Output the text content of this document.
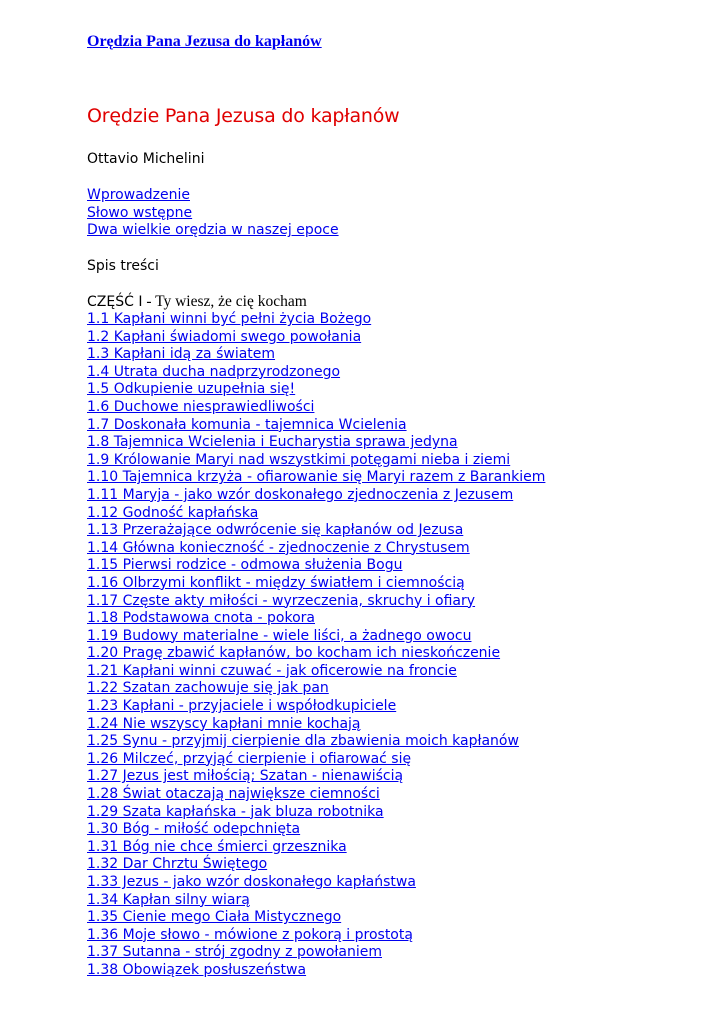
Orędzia Pana Jezusa do kapłanów
Orędzie Pana Jezusa do kapłanów
Ottavio Michelini
Wprowadzenie
Słowo wstępne
Dwa wielkie orędzia w naszej epoce
Spis treści
CZĘŚĆ I - Ty wiesz, że cię kocham
1.1 Kapłani winni być pełni życia Bożego
1.2 Kapłani świadomi swego powołania
1.3 Kapłani idą za światem
1.4 Utrata ducha nadprzyrodzonego
1.5 Odkupienie uzupełnia się!
1.6 Duchowe niesprawiedliwości
1.7 Doskonała komunia - tajemnica Wcielenia
1.8 Tajemnica Wcielenia i Eucharystia sprawa jedyna
1.9 Królowanie Maryi nad wszystkimi potęgami nieba i ziemi
1.10 Tajemnica krzyża - ofiarowanie się Maryi razem z Barankiem
1.11 Maryja - jako wzór doskonałego zjednoczenia z Jezusem
1.12 Godność kapłańska
1.13 Przerażające odwrócenie się kapłanów od Jezusa
1.14 Główna konieczność - zjednoczenie z Chrystusem
1.15 Pierwsi rodzice - odmowa służenia Bogu
1.16 Olbrzymi konflikt - między światłem i ciemnością
1.17 Częste akty miłości - wyrzeczenia, skruchy i ofiary
1.18 Podstawowa cnota - pokora
1.19 Budowy materialne - wiele liści, a żadnego owocu
1.20 Pragę zbawić kapłanów, bo kocham ich nieskończenie
1.21 Kapłani winni czuwać - jak oficerowie na froncie
1.22 Szatan zachowuje się jak pan
1.23 Kapłani - przyjaciele i współodkupiciele
1.24 Nie wszyscy kapłani mnie kochają
1.25 Synu - przyjmij cierpienie dla zbawienia moich kapłanów
1.26 Milczeć, przyjąć cierpienie i ofiarować się
1.27 Jezus jest miłością; Szatan - nienawiścią
1.28 Świat otaczają największe ciemności
1.29 Szata kapłańska - jak bluza robotnika
1.30 Bóg - miłość odepchnięta
1.31 Bóg nie chce śmierci grzesznika
1.32 Dar Chrztu Świętego
1.33 Jezus - jako wzór doskonałego kapłaństwa
1.34 Kapłan silny wiarą
1.35 Cienie mego Ciała Mistycznego
1.36 Moje słowo - mówione z pokorą i prostotą
1.37 Sutanna - strój zgodny z powołaniem
1.38 Obowiązek posłuszeństwa
